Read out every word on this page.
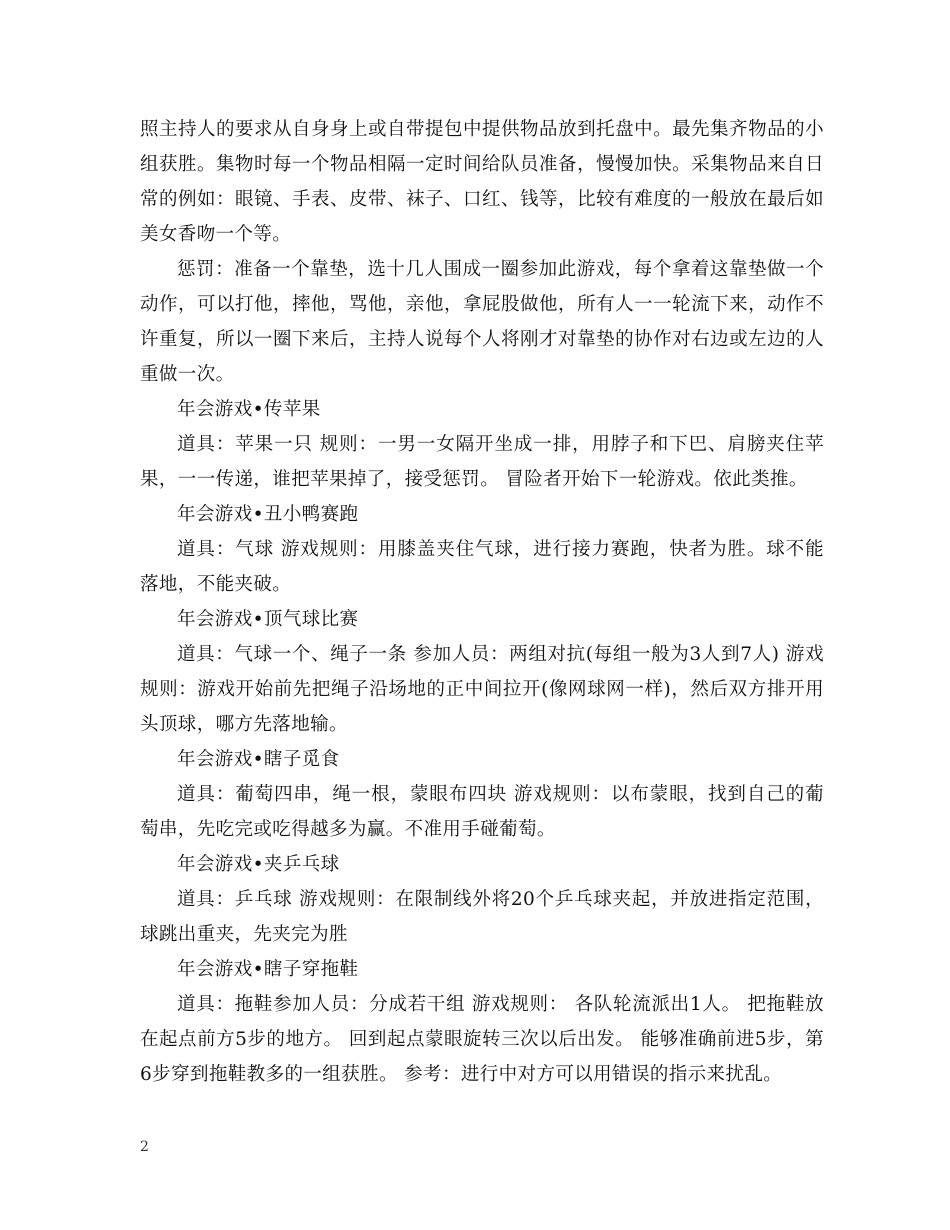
照主持人的要求从自身身上或自带提包中提供物品放到托盘中。最先集齐物品的小组获胜。集物时每一个物品相隔一定时间给队员准备，慢慢加快。采集物品来自日常的例如：眼镜、手表、皮带、袜子、口红、钱等，比较有难度的一般放在最后如美女香吻一个等。

惩罚：准备一个靠垫，选十几人围成一圈参加此游戏，每个拿着这靠垫做一个动作，可以打他，摔他，骂他，亲他，拿屁股做他，所有人一一轮流下来，动作不许重复，所以一圈下来后，主持人说每个人将刚才对靠垫的协作对右边或左边的人重做一次。

年会游戏•传苹果

道具：苹果一只 规则：一男一女隔开坐成一排，用脖子和下巴、肩膀夹住苹果，一一传递，谁把苹果掉了，接受惩罚。 冒险者开始下一轮游戏。依此类推。

年会游戏•丑小鸭赛跑

道具：气球 游戏规则：用膝盖夹住气球，进行接力赛跑，快者为胜。球不能落地，不能夹破。

年会游戏•顶气球比赛

道具：气球一个、绳子一条 参加人员：两组对抗(每组一般为3人到7人) 游戏规则：游戏开始前先把绳子沿场地的正中间拉开(像网球网一样)，然后双方排开用头顶球，哪方先落地输。

年会游戏•瞎子觅食

道具：葡萄四串，绳一根，蒙眼布四块 游戏规则：以布蒙眼，找到自己的葡萄串，先吃完或吃得越多为赢。不准用手碰葡萄。

年会游戏•夹乒乓球

道具：乒乓球 游戏规则：在限制线外将20个乒乓球夹起，并放进指定范围，球跳出重夹，先夹完为胜

年会游戏•瞎子穿拖鞋

道具：拖鞋参加人员：分成若干组 游戏规则： 各队轮流派出1人。 把拖鞋放在起点前方5步的地方。 回到起点蒙眼旋转三次以后出发。 能够准确前进5步，第6步穿到拖鞋教多的一组获胜。 参考：进行中对方可以用错误的指示来扰乱。

2
